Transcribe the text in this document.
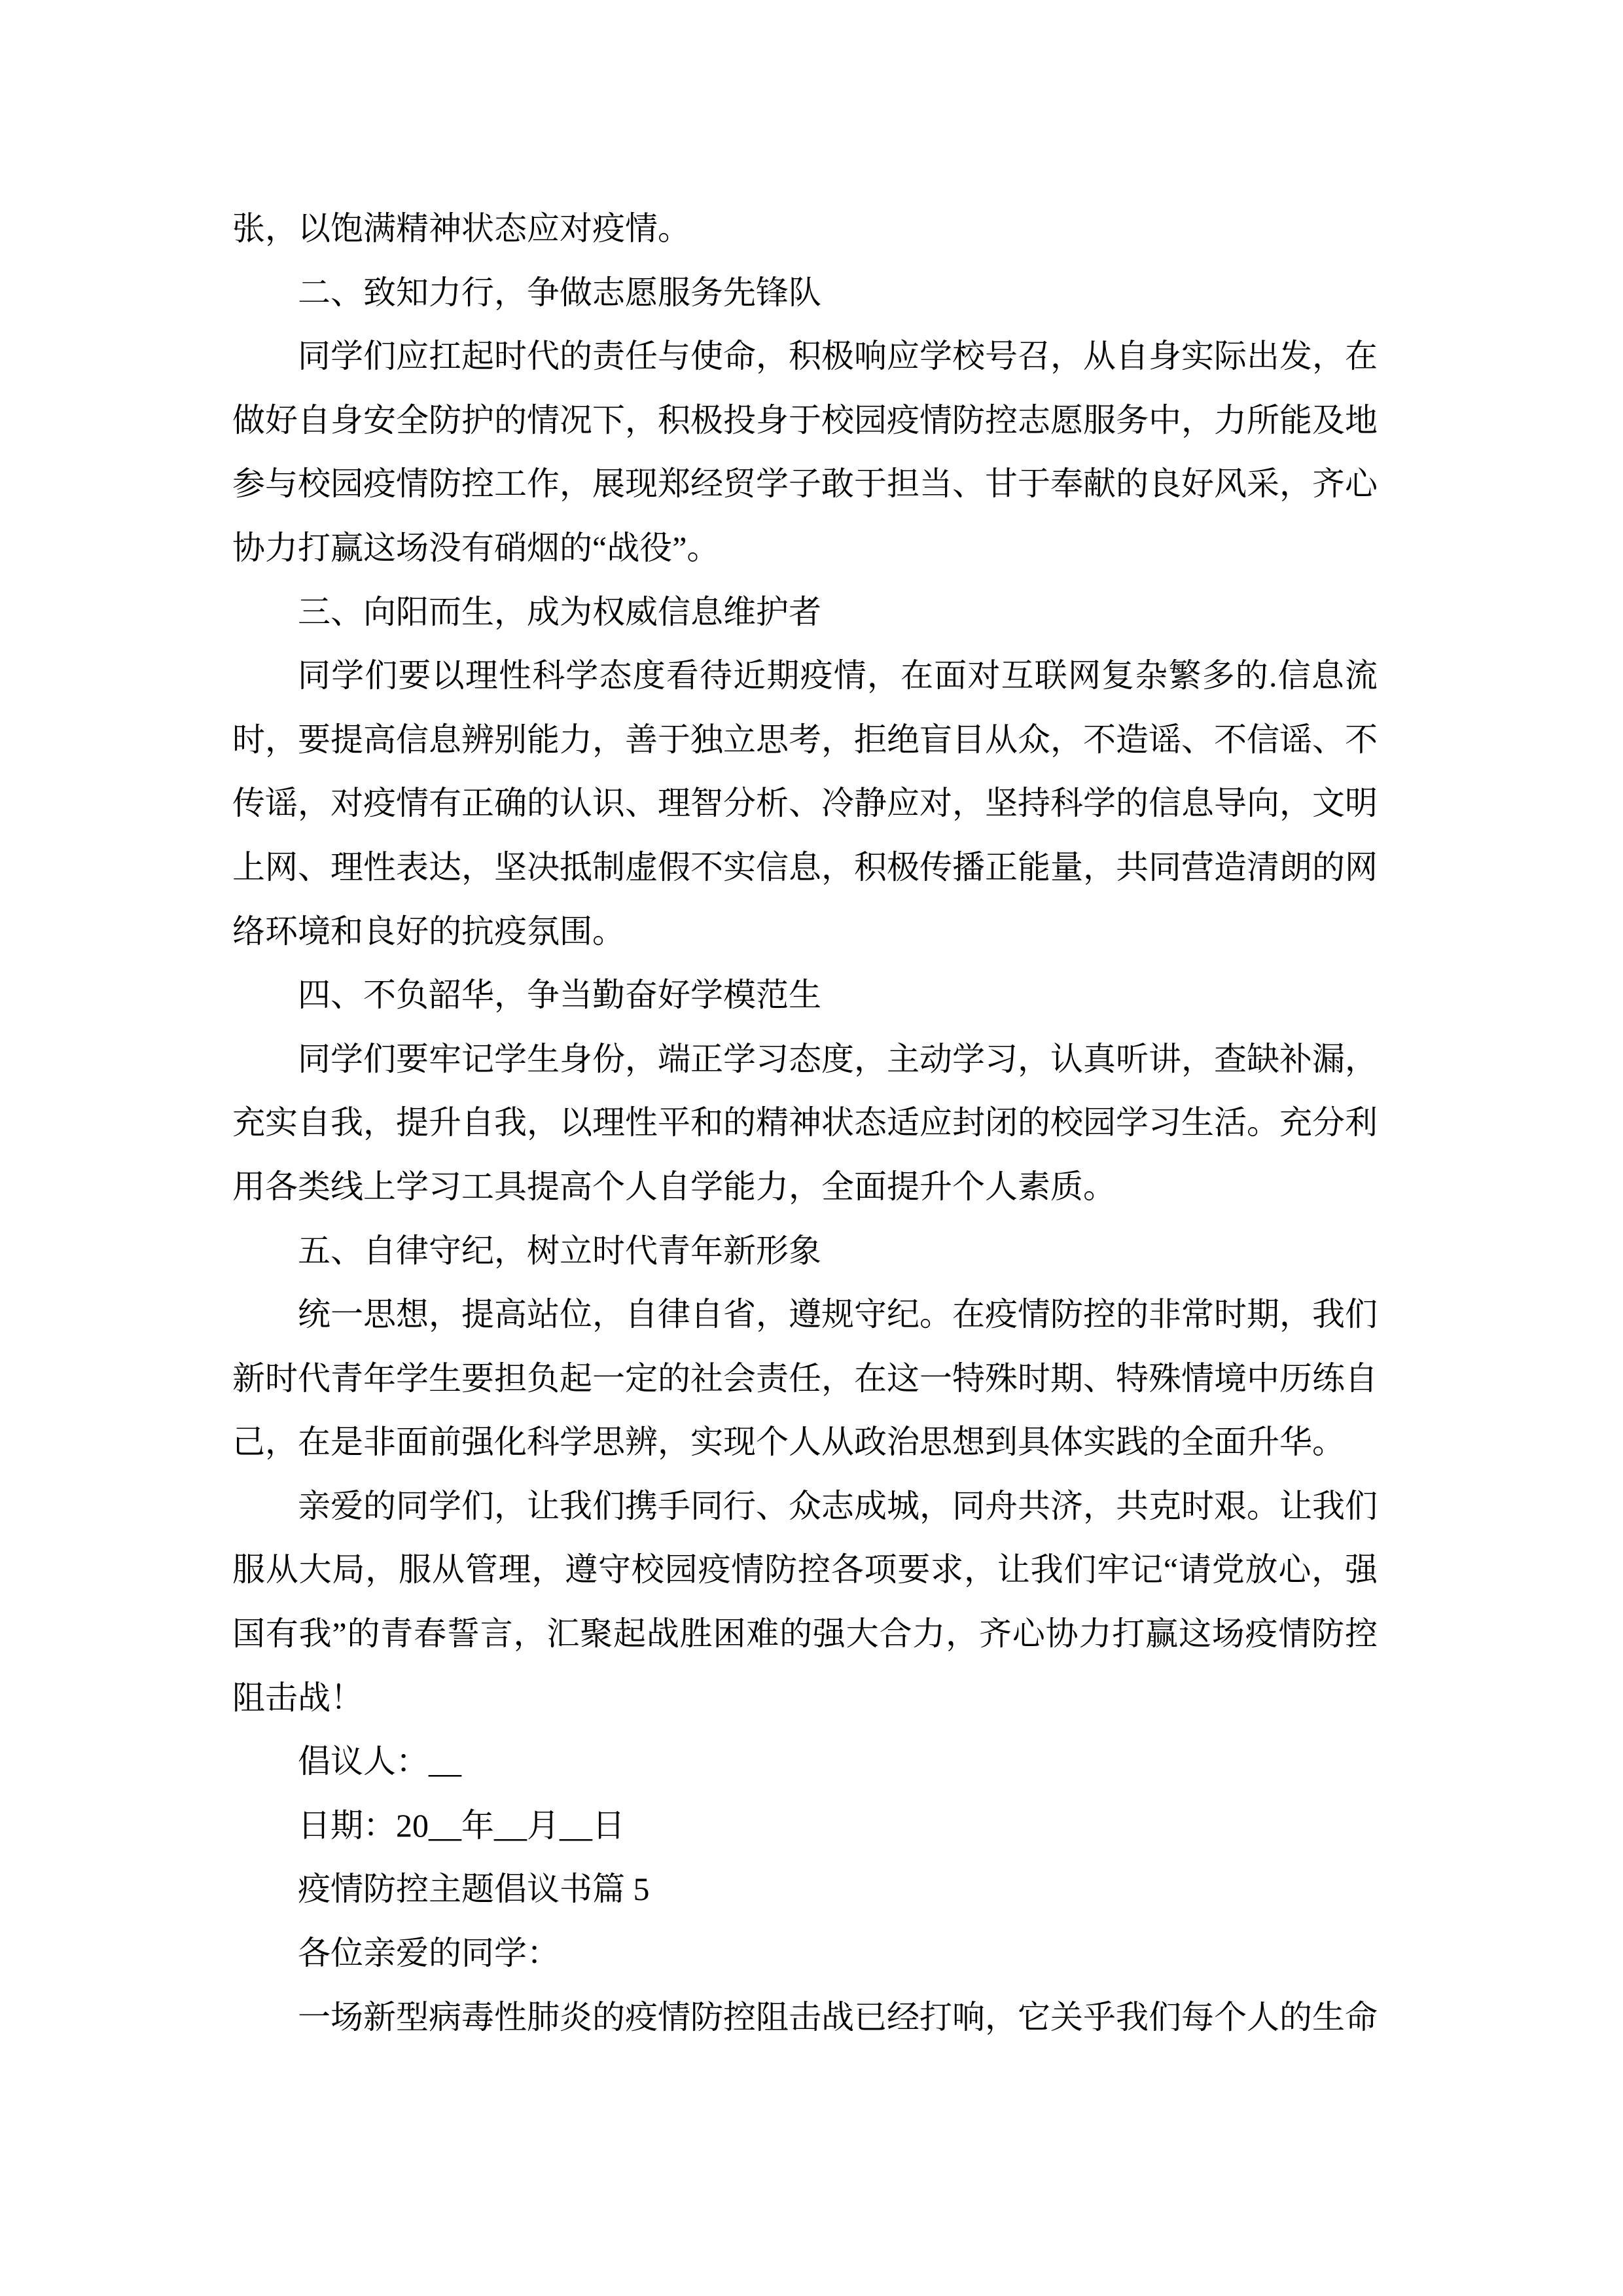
张，以饱满精神状态应对疫情。
二、致知力行，争做志愿服务先锋队
同学们应扛起时代的责任与使命，积极响应学校号召，从自身实际出发，在
做好自身安全防护的情况下，积极投身于校园疫情防控志愿服务中，力所能及地
参与校园疫情防控工作，展现郑经贸学子敢于担当、甘于奉献的良好风采，齐心
协力打赢这场没有硝烟的“战役”。
三、向阳而生，成为权威信息维护者
同学们要以理性科学态度看待近期疫情，在面对互联网复杂繁多的.信息流
时，要提高信息辨别能力，善于独立思考，拒绝盲目从众，不造谣、不信谣、不
传谣，对疫情有正确的认识、理智分析、冷静应对，坚持科学的信息导向，文明
上网、理性表达，坚决抵制虚假不实信息，积极传播正能量，共同营造清朗的网
络环境和良好的抗疫氛围。
四、不负韶华，争当勤奋好学模范生
同学们要牢记学生身份，端正学习态度，主动学习，认真听讲，查缺补漏，
充实自我，提升自我，以理性平和的精神状态适应封闭的校园学习生活。充分利
用各类线上学习工具提高个人自学能力，全面提升个人素质。
五、自律守纪，树立时代青年新形象
统一思想，提高站位，自律自省，遵规守纪。在疫情防控的非常时期，我们
新时代青年学生要担负起一定的社会责任，在这一特殊时期、特殊情境中历练自
己，在是非面前强化科学思辨，实现个人从政治思想到具体实践的全面升华。
亲爱的同学们，让我们携手同行、众志成城，同舟共济，共克时艰。让我们
服从大局，服从管理，遵守校园疫情防控各项要求，让我们牢记“请党放心，强
国有我”的青春誓言，汇聚起战胜困难的强大合力，齐心协力打赢这场疫情防控
阻击战！
倡议人：__
日期：20__年__月__日
疫情防控主题倡议书篇 5
各位亲爱的同学：
一场新型病毒性肺炎的疫情防控阻击战已经打响，它关乎我们每个人的生命
